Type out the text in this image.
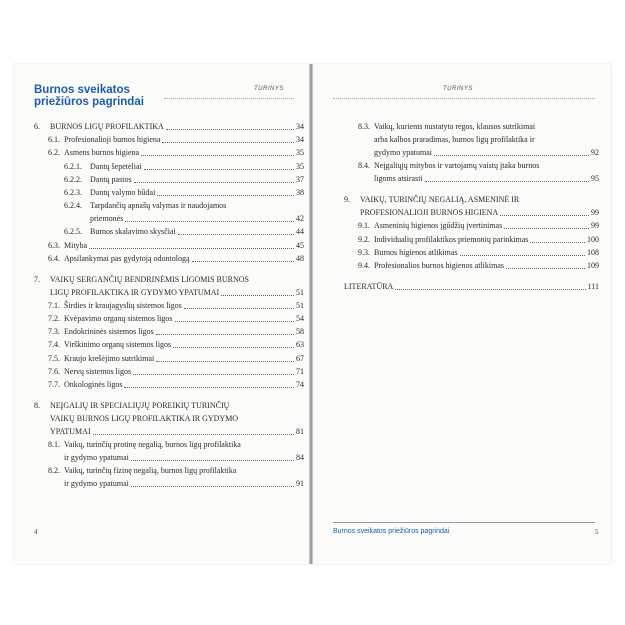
Burnos sveikatos
priežiūros pagrindai
TURINYS
6. BURNOS LIGŲ PROFILAKTIKA	34
6.1. Profesionalioji burnos higiena	34
6.2. Asmens burnos higiena	35
6.2.1. Dantų šepetėliai	35
6.2.2. Dantų pastos	37
6.2.3. Dantų valymo būdai	38
6.2.4. Tarpdančių apnašų valymas ir naudojamos
priemonės	42
6.2.5. Burnos skalavimo skysčiai	44
6.3. Mityba	45
6.4. Apsilankymai pas gydytoją odontologą	48
7. VAIKŲ SERGANČIŲ BENDRINĖMIS LIGOMIS BURNOS
LIGŲ PROFILAKTIKA IR GYDYMO YPATUMAI	51
7.1. Širdies ir kraujagyslių sistemos ligos	51
7.2. Kvėpavimo organų sistemos ligos	54
7.3. Endokrininės sistemos ligos	58
7.4. Virškinimo organų sistemos ligos	63
7.5. Kraujo krešėjimo sutrikimai	67
7.6. Nervų sistemos ligos	71
7.7. Onkologinės ligos	74
8. NEĮGALIŲ IR SPECIALIŲJŲ POREIKIŲ TURINČIŲ
VAIKŲ BURNOS LIGŲ PROFILAKTIKA IR GYDYMO
YPATUMAI	81
8.1. Vaikų, turinčių protinę negalią, burnos ligų profilaktika
ir gydymo ypatumai	84
8.2. Vaikų, turinčių fizinę negalią, burnos ligų profilaktika
ir gydymo ypatumai	91
4
TURINYS
8.3. Vaikų, kuriems nustatyta regos, klausos sutrikimai
arba kalbos praradimas, burnos ligų profilaktika ir
gydymo ypatumai	92
8.4. Neįgaliųjų mitybos ir vartojamų vaistų įtaka burnos
ligoms atsirasti	95
9. VAIKŲ, TURINČIŲ NEGALIĄ, ASMENINĖ IR
PROFESIONALIOJI BURNOS HIGIENA	99
9.1. Asmeninių higienos įgūdžių įvertinimas	99
9.2. Individualių profilaktikos priemonių parinkimas	100
9.3. Burnos higienos atlikimas	108
9.4. Profesionalios burnos higienos atlikimas	109
LITERATŪRA	111
Burnos sveikatos priežiūros pagrindai	5
